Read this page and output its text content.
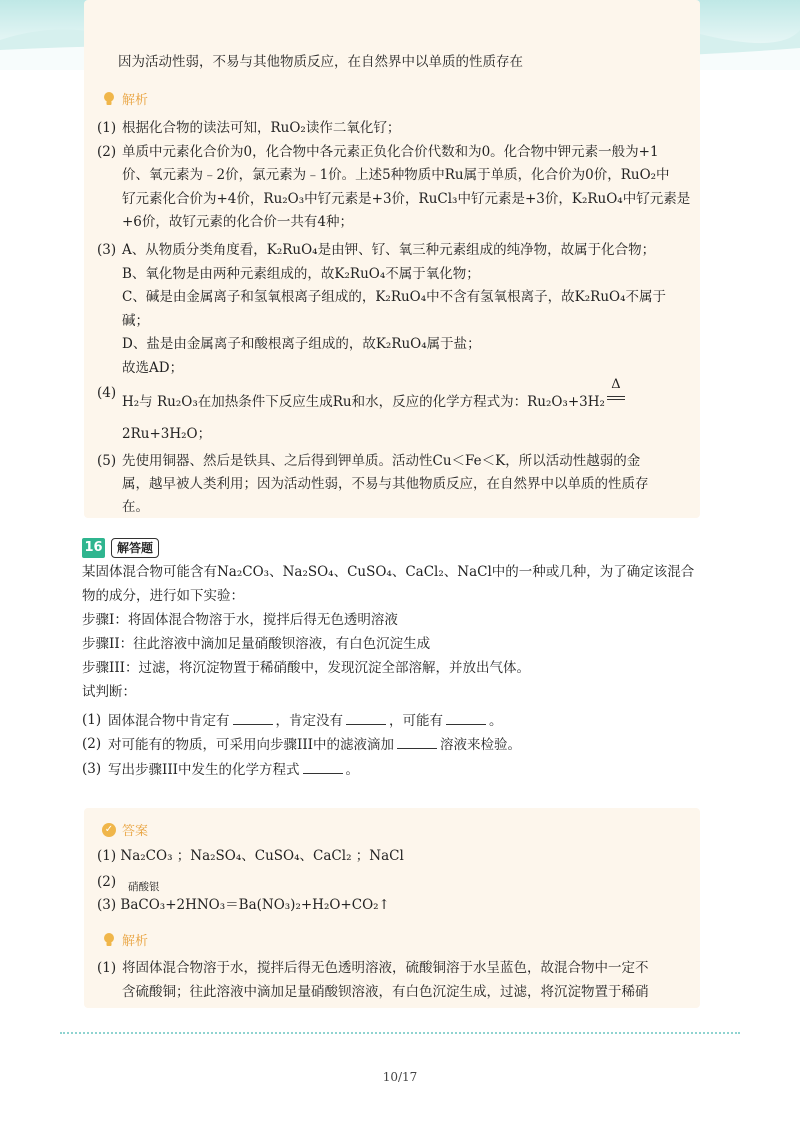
因为活动性弱，不易与其他物质反应，在自然界中以单质的性质存在
解析
(1) 根据化合物的读法可知，RuO₂读作二氧化钌；
(2) 单质中元素化合价为0，化合物中各元素正负化合价代数和为0。化合物中钾元素一般为+1
价、氧元素为﹣2价，氯元素为﹣1价。上述5种物质中Ru属于单质，化合价为0价，RuO₂中
钌元素化合价为+4价，Ru₂O₃中钌元素是+3价，RuCl₃中钌元素是+3价，K₂RuO₄中钌元素是
+6价，故钌元素的化合价一共有4种；
(3) A、从物质分类角度看，K₂RuO₄是由钾、钌、氧三种元素组成的纯净物，故属于化合物；
B、氧化物是由两种元素组成的，故K₂RuO₄不属于氧化物；
C、碱是由金属离子和氢氧根离子组成的，K₂RuO₄中不含有氢氧根离子，故K₂RuO₄不属于
碱；
D、盐是由金属离子和酸根离子组成的，故K₂RuO₄属于盐；
故选AD；
(4)
H₂与 Ru₂O₃在加热条件下反应生成Ru和水，反应的化学方程式为：Ru₂O₃+3H₂
Δ
2Ru+3H₂O；
(5) 先使用铜器、然后是铁具、之后得到钾单质。活动性Cu＜Fe＜K，所以活动性越弱的金
属，越早被人类利用；因为活动性弱，不易与其他物质反应，在自然界中以单质的性质存
在。
16	解答题
某固体混合物可能含有Na₂CO₃、Na₂SO₄、CuSO₄、CaCl₂、NaCl中的一种或几种，为了确定该混合
物的成分，进行如下实验：
步骤I：将固体混合物溶于水，搅拌后得无色透明溶液
步骤II：往此溶液中滴加足量硝酸钡溶液，有白色沉淀生成
步骤III：过滤，将沉淀物置于稀硝酸中，发现沉淀全部溶解，并放出气体。
试判断：
(1) 固体混合物中肯定有	，肯定没有	，可能有	。
(2) 对可能有的物质，可采用向步骤III中的滤液滴加	溶液来检验。
(3) 写出步骤III中发生的化学方程式	。
✓ 答案
(1) Na₂CO₃ ；Na₂SO₄、CuSO₄、CaCl₂ ；NaCl
(2) 硝酸银
(3) BaCO₃+2HNO₃＝Ba(NO₃)₂+H₂O+CO₂↑
解析
(1) 将固体混合物溶于水，搅拌后得无色透明溶液，硫酸铜溶于水呈蓝色，故混合物中一定不
含硫酸铜；往此溶液中滴加足量硝酸钡溶液，有白色沉淀生成，过滤，将沉淀物置于稀硝
10/17
